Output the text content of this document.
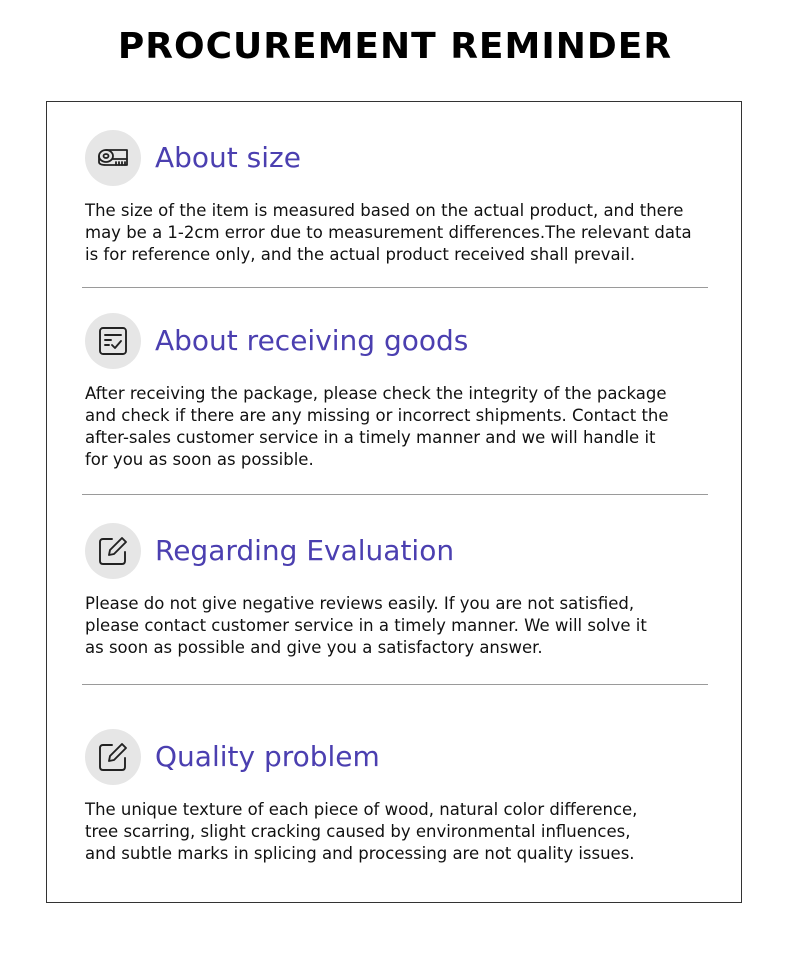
PROCUREMENT REMINDER
About size
The size of the item is measured based on the actual product, and there
may be a 1-2cm error due to measurement differences.The relevant data
is for reference only, and the actual product received shall prevail.
About receiving goods
After receiving the package, please check the integrity of the package
and check if there are any missing or incorrect shipments. Contact the
after-sales customer service in a timely manner and we will handle it
for you as soon as possible.
Regarding Evaluation
Please do not give negative reviews easily. If you are not satisfied,
please contact customer service in a timely manner. We will solve it
as soon as possible and give you a satisfactory answer.
Quality problem
The unique texture of each piece of wood, natural color difference,
tree scarring, slight cracking caused by environmental influences,
and subtle marks in splicing and processing are not quality issues.
